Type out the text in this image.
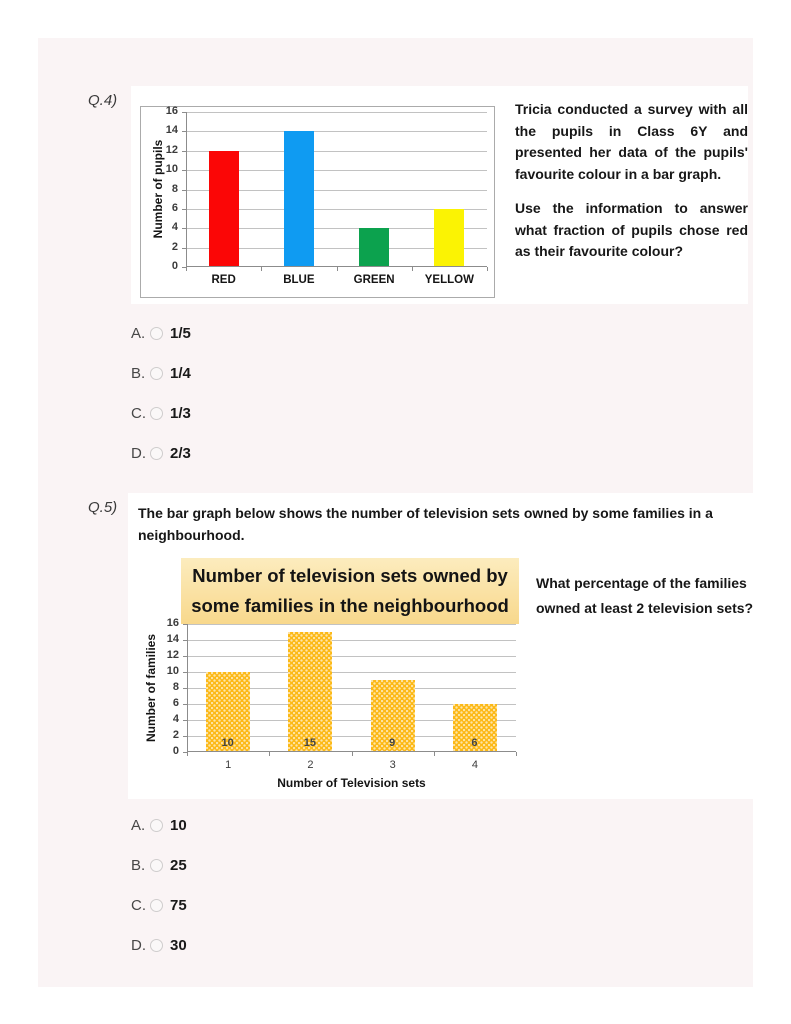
Q.4)
Number of pupils
0
2
4
6
8
10
12
14
16
RED	BLUE	GREEN	YELLOW

Tricia conducted a survey with all the pupils in Class 6Y and presented her data of the pupils' favourite colour in a bar graph.

Use the information to answer what fraction of pupils chose red as their favourite colour?

A. 1/5
B. 1/4
C. 1/3
D. 2/3
Q.5) The bar graph below shows the number of television sets owned by some families in a neighbourhood.
Number of television sets owned by some families in the neighbourhood
What percentage of the families owned at least 2 television sets?
Number of families
0
2
4
6
8
10
12
14
16
10
1
15
2
9
3
6
4
Number of Television sets
A. 10
B. 25
C. 75
D. 30
